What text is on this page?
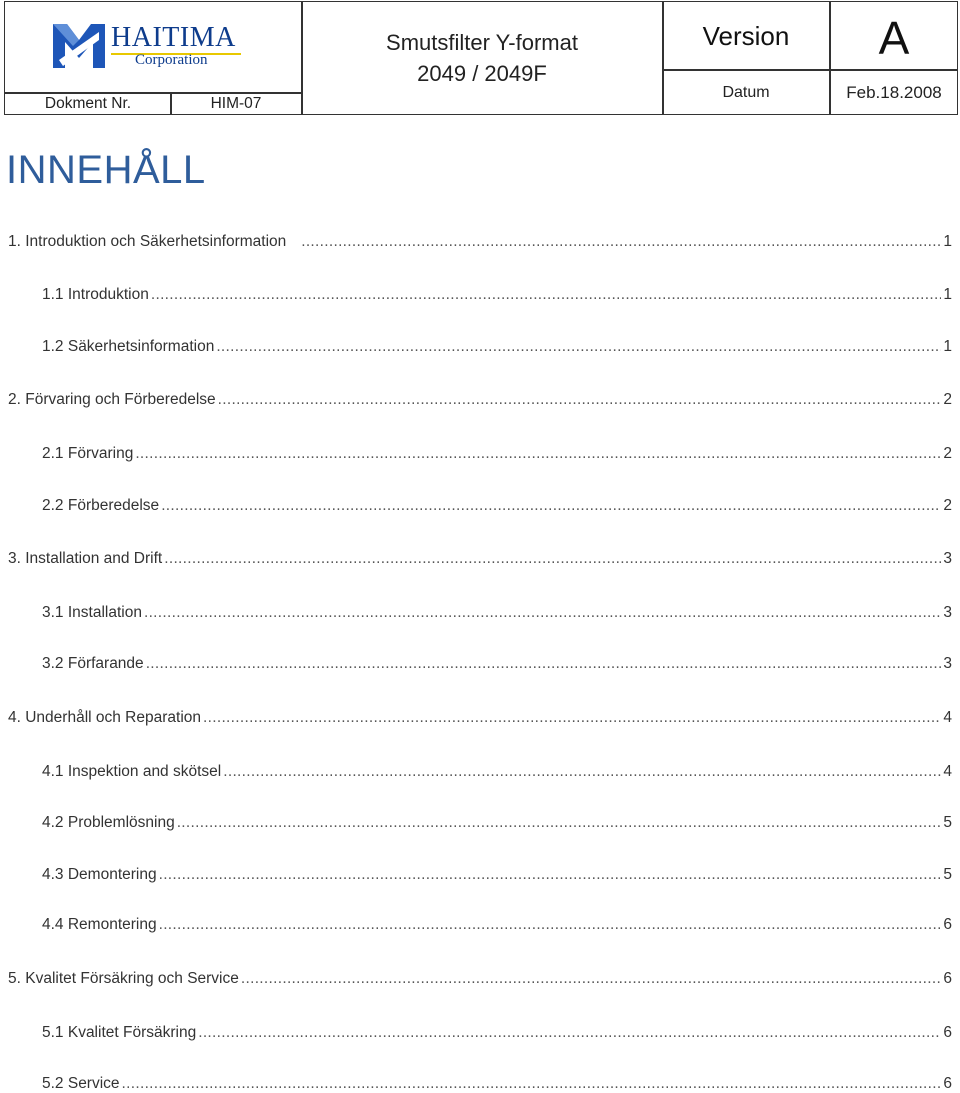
HAITIMA
Corporation
Dokment Nr.	HIM-07
Smutsfilter Y-format
2049 / 2049F
Version	A
Datum	Feb.18.2008
INNEHÅLL
1. Introduktion och Säkerhetsinformation .....	1
1.1 Introduktion .....	1
1.2 Säkerhetsinformation .....	1
2. Förvaring och Förberedelse .....	2
2.1 Förvaring .....	2
2.2 Förberedelse .....	2
3. Installation and Drift .....	3
3.1 Installation .....	3
3.2 Förfarande .....	3
4. Underhåll och Reparation .....	4
4.1 Inspektion and skötsel .....	4
4.2 Problemlösning .....	5
4.3 Demontering .....	5
4.4 Remontering .....	6
5. Kvalitet Försäkring och Service .....	6
5.1 Kvalitet Försäkring .....	6
5.2 Service .....	6
